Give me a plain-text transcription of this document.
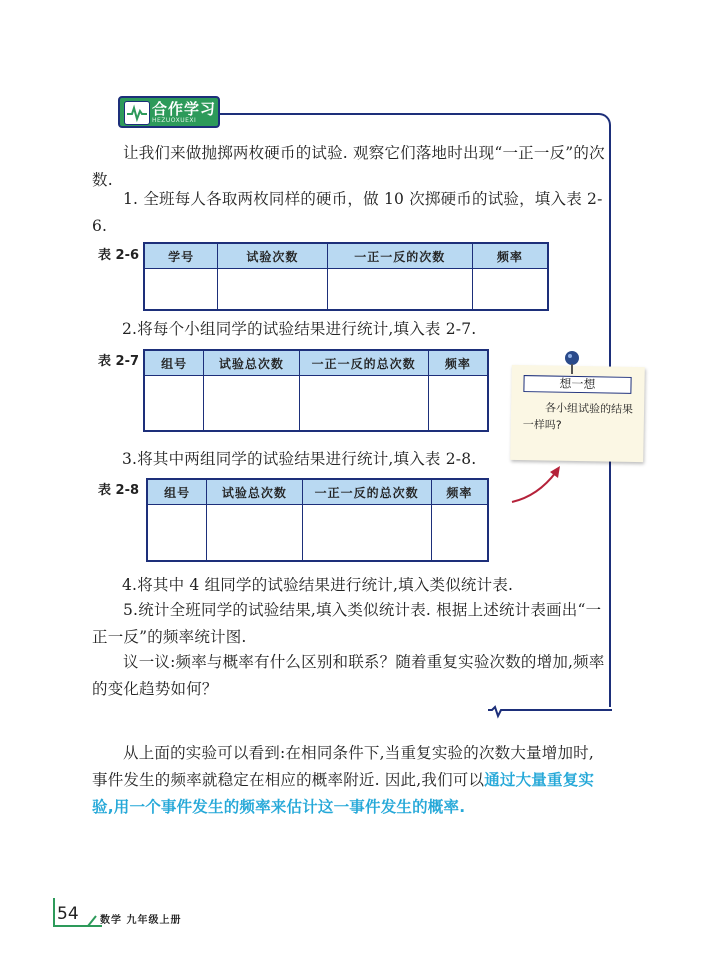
合作学习
HEZUOXUEXI
让我们来做抛掷两枚硬币的试验. 观察它们落地时出现“一正一反”的次数.
1. 全班每人各取两枚同样的硬币，做 10 次掷硬币的试验，填入表 2-6.
表 2-6 学号	试验次数	一正一反的次数	频率

2.将每个小组同学的试验结果进行统计,填入表 2-7.
表 2-7 组号	试验总次数	一正一反的总次数	频率

3.将其中两组同学的试验结果进行统计,填入表 2-8.
表 2-8 组号	试验总次数	一正一反的总次数	频率

4.将其中 4 组同学的试验结果进行统计,填入类似统计表.
5.统计全班同学的试验结果,填入类似统计表. 根据上述统计表画出“一正一反”的频率统计图.
议一议:频率与概率有什么区别和联系？随着重复实验次数的增加,频率的变化趋势如何？
想一想
各小组试验的结果一样吗?
从上面的实验可以看到:在相同条件下,当重复实验的次数大量增加时,事件发生的频率就稳定在相应的概率附近. 因此,我们可以通过大量重复实验,用一个事件发生的频率来估计这一事件发生的概率.
54 数学 九年级上册
